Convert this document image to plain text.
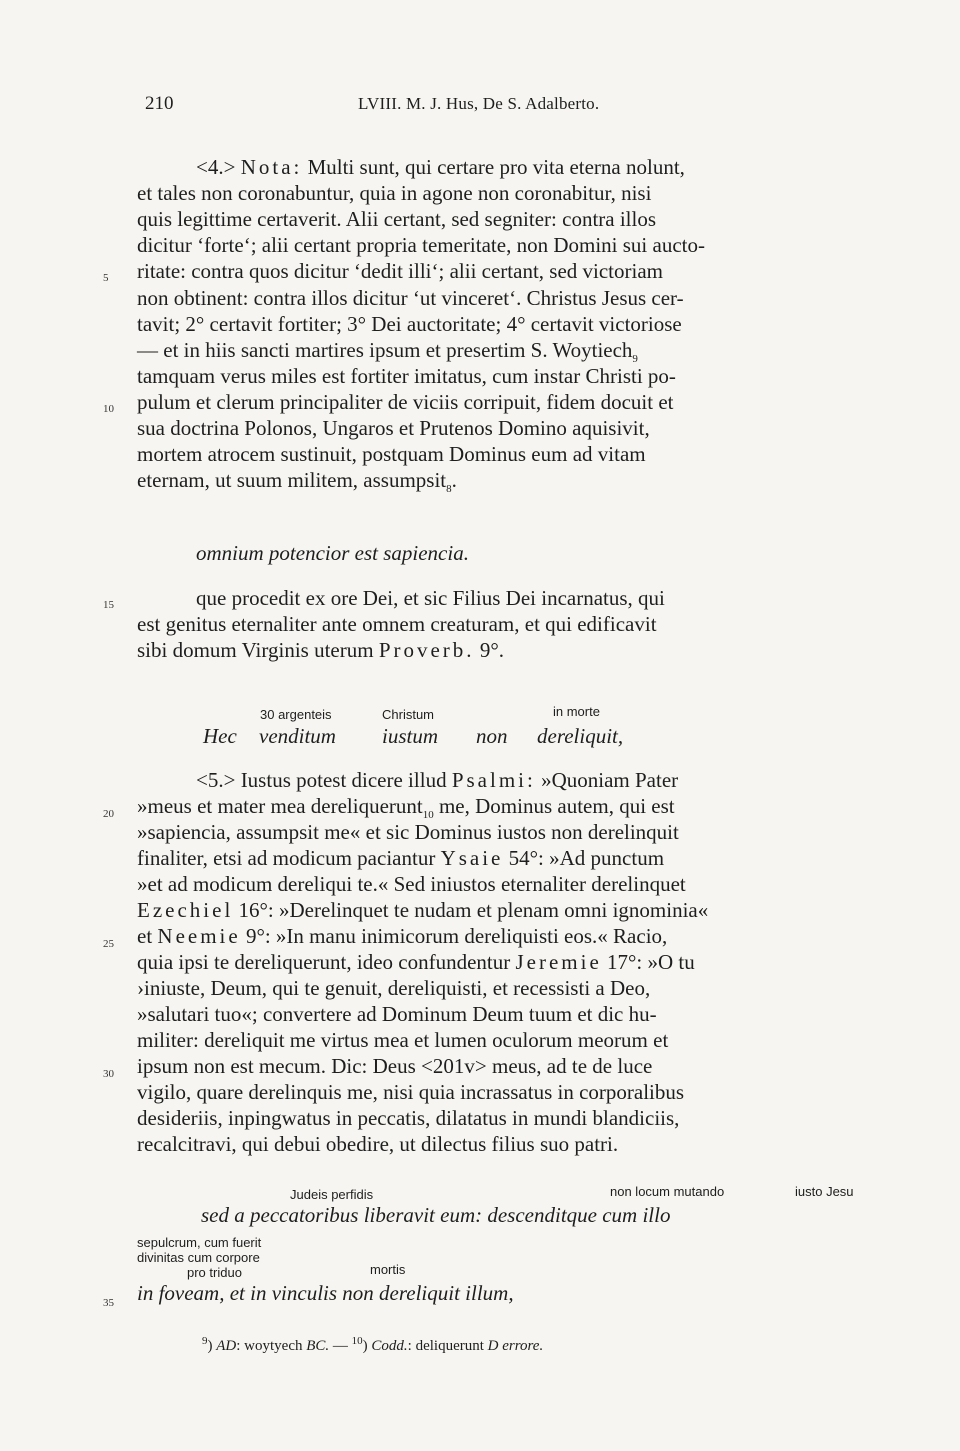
210	LVIII. M. J. Hus, De S. Adalberto.
5
10
15
20
25
30
35
<4.> Nota: Multi sunt, qui certare pro vita eterna nolunt,
et tales non coronabuntur, quia in agone non coronabitur, nisi
quis legittime certaverit. Alii certant, sed segniter: contra illos
dicitur ‘forte‘; alii certant propria temeritate, non Domini sui aucto-
ritate: contra quos dicitur ‘dedit illi‘; alii certant, sed victoriam
non obtinent: contra illos dicitur ‘ut vinceret‘. Christus Jesus cer-
tavit; 2° certavit fortiter; 3° Dei auctoritate; 4° certavit victoriose
— et in hiis sancti martires ipsum et presertim S. Woytiech$_9$
tamquam verus miles est fortiter imitatus, cum instar Christi po-
pulum et clerum principaliter de viciis corripuit, fidem docuit et
sua doctrina Polonos, Ungaros et Prutenos Domino aquisivit,
mortem atrocem sustinuit, postquam Dominus eum ad vitam
eternam, ut suum militem, assumpsit$_8$.
omnium potencior est sapiencia.
que procedit ex ore Dei, et sic Filius Dei incarnatus, qui
est genitus eternaliter ante omnem creaturam, et qui edificavit
sibi domum Virginis uterum Proverb. 9°.
30 argenteis	Christum	in morte
Hec venditum iustum non dereliquit,
<5.> Iustus potest dicere illud Psalmi: »Quoniam Pater
»meus et mater mea dereliquerunt$_{10}$ me, Dominus autem, qui est
»sapiencia, assumpsit me« et sic Dominus iustos non derelinquit
finaliter, etsi ad modicum paciantur Ysaie 54°: »Ad punctum
»et ad modicum dereliqui te.« Sed iniustos eternaliter derelinquet
Ezechiel 16°: »Derelinquet te nudam et plenam omni ignominia«
et Neemie 9°: »In manu inimicorum dereliquisti eos.« Racio,
quia ipsi te dereliquerunt, ideo confundentur Jeremie 17°: »O tu
›iniuste, Deum, qui te genuit, dereliquisti, et recessisti a Deo,
»salutari tuo«; convertere ad Dominum Deum tuum et dic hu-
militer: dereliquit me virtus mea et lumen oculorum meorum et
ipsum non est mecum. Dic: Deus <201v> meus, ad te de luce
vigilo, quare derelinquis me, nisi quia incrassatus in corporalibus
desideriis, inpingwatus in peccatis, dilatatus in mundi blandiciis,
recalcitravi, qui debui obedire, ut dilectus filius suo patri.
Judeis perfidis	non locum mutando	iusto Jesu
sed a peccatoribus liberavit eum: descenditque cum illo
sepulcrum, cum fuerit
divinitas cum corpore
pro triduo	mortis
in foveam, et in vinculis non dereliquit illum,
$^9$) AD: woytyech BC. — $^{10}$) Codd.: deliquerunt D errore.
